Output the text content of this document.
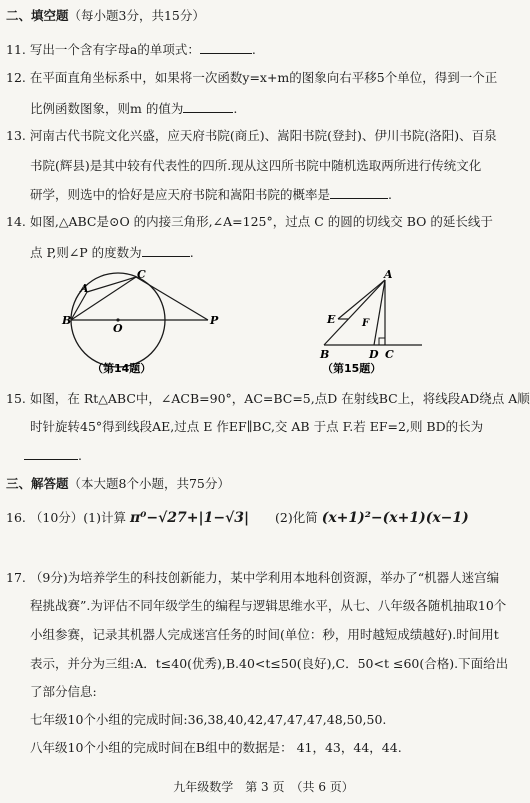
二、填空题（每小题3分，共15分）
11. 写出一个含有字母a的单项式：	.
12. 在平面直角坐标系中，如果将一次函数y=x+m的图象向右平移5个单位，得到一个正
比例函数图象，则m 的值为	.
13. 河南古代书院文化兴盛，应天府书院(商丘)、嵩阳书院(登封)、伊川书院(洛阳)、百泉
书院(辉县)是其中较有代表性的四所.现从这四所书院中随机选取两所进行传统文化
研学，则选中的恰好是应天府书院和嵩阳书院的概率是	.
14. 如图,△ABC是⊙O 的内接三角形,∠A=125°，过点 C 的圆的切线交 BO 的延长线于
点 P,则∠P 的度数为	.
A
B
C
O
P
（第14题）
A
B	C
D
E	F
（第15题）
15. 如图，在 Rt△ABC中，∠ACB=90°，AC=BC=5,点D 在射线BC上，将线段AD绕点 A顺
时针旋转45°得到线段AE,过点 E 作EF∥BC,交 AB 于点 F.若 EF=2,则 BD的长为
.
三、解答题（本大题8个小题，共75分）
16. （10分）(1)计算 π⁰−√27+|1−√3| (2)化简 (x+1)²−(x+1)(x−1)
17. （9分)为培养学生的科技创新能力，某中学利用本地科创资源，举办了“机器人迷宫编
程挑战赛”.为评估不同年级学生的编程与逻辑思维水平，从七、八年级各随机抽取10个
小组参赛，记录其机器人完成迷宫任务的时间(单位：秒，用时越短成绩越好).时间用t
表示，并分为三组:A．t≤40(优秀),B.40<t≤50(良好),C．50<t ≤60(合格).下面给出
了部分信息:
七年级10个小组的完成时间:36,38,40,42,47,47,47,48,50,50.
八年级10个小组的完成时间在B组中的数据是： 41，43，44，44.
九年级数学　第 3 页　（共 6 页）
